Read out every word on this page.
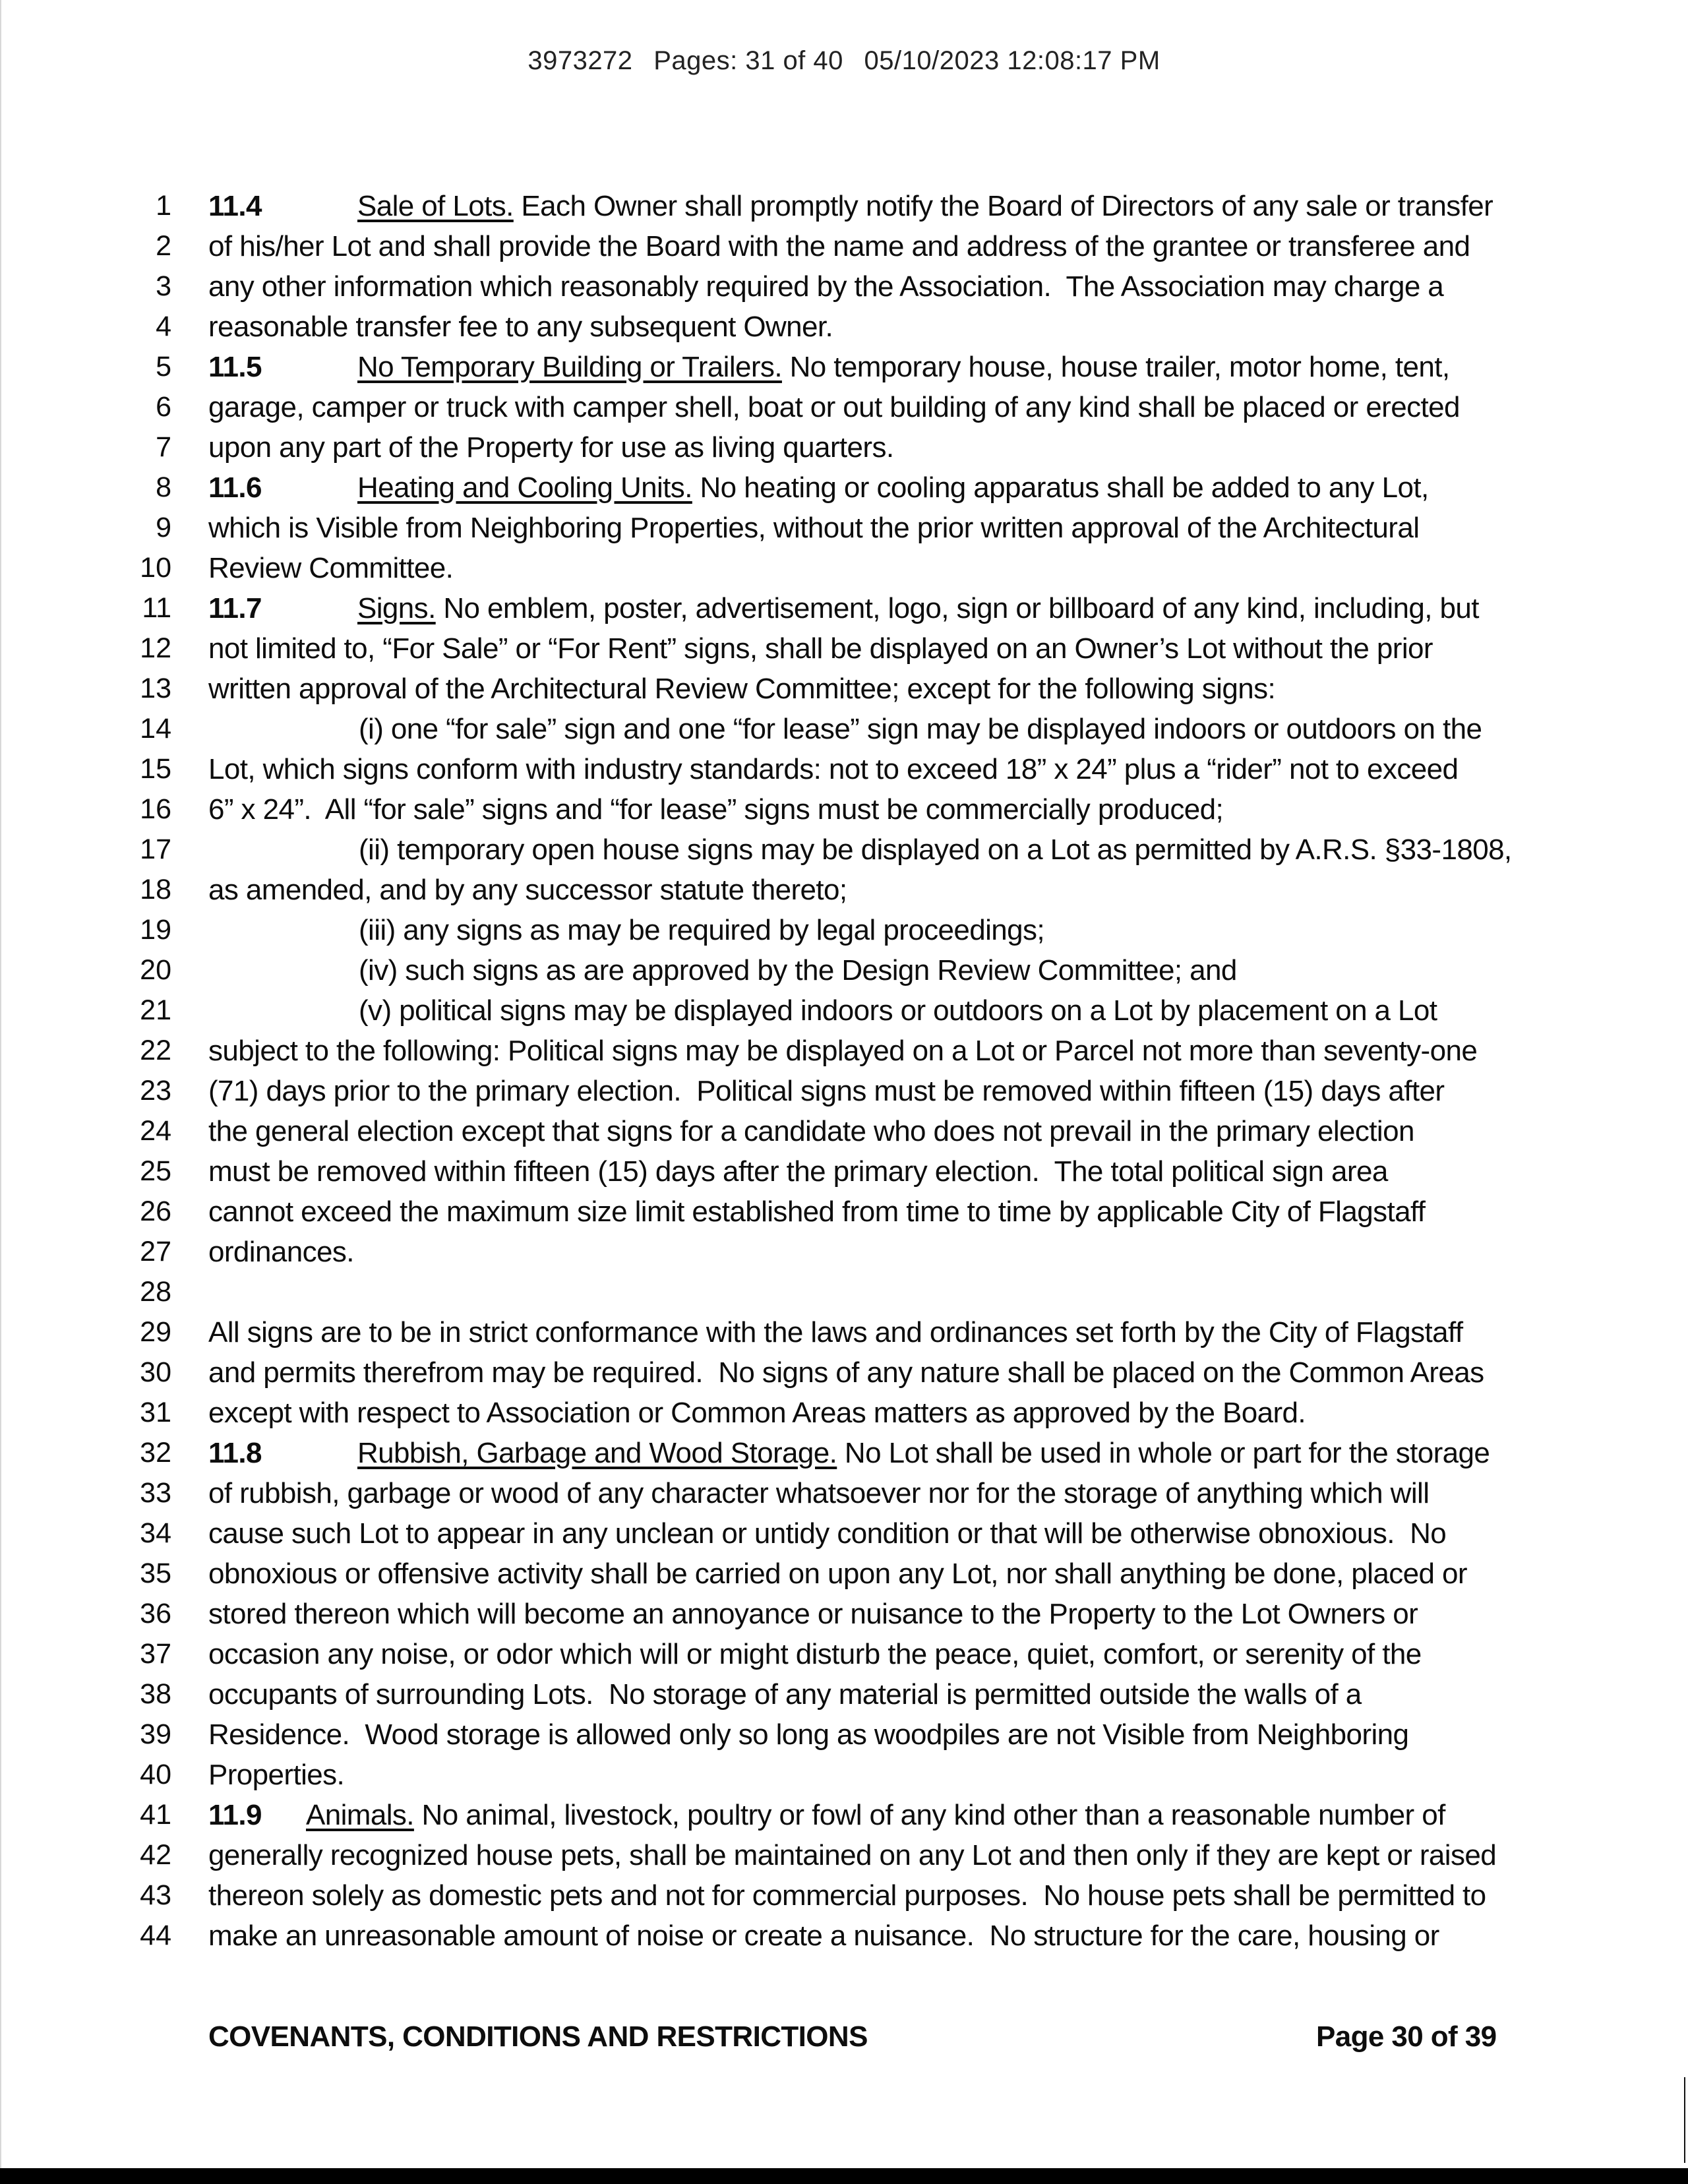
3973272 Pages: 31 of 40 05/10/2023 12:08:17 PM
1 11.4	Sale of Lots. Each Owner shall promptly notify the Board of Directors of any sale or transfer
2 of his/her Lot and shall provide the Board with the name and address of the grantee or transferee and
3 any other information which reasonably required by the Association.  The Association may charge a
4 reasonable transfer fee to any subsequent Owner.
5 11.5	No Temporary Building or Trailers. No temporary house, house trailer, motor home, tent,
6 garage, camper or truck with camper shell, boat or out building of any kind shall be placed or erected
7 upon any part of the Property for use as living quarters.
8 11.6	Heating and Cooling Units. No heating or cooling apparatus shall be added to any Lot,
9 which is Visible from Neighboring Properties, without the prior written approval of the Architectural
10 Review Committee.
11 11.7	Signs. No emblem, poster, advertisement, logo, sign or billboard of any kind, including, but
12 not limited to, “For Sale” or “For Rent” signs, shall be displayed on an Owner’s Lot without the prior
13 written approval of the Architectural Review Committee; except for the following signs:
14	(i) one “for sale” sign and one “for lease” sign may be displayed indoors or outdoors on the
15 Lot, which signs conform with industry standards: not to exceed 18” x 24” plus a “rider” not to exceed
16 6” x 24”.  All “for sale” signs and “for lease” signs must be commercially produced;
17	(ii) temporary open house signs may be displayed on a Lot as permitted by A.R.S. §33-1808,
18 as amended, and by any successor statute thereto;
19	(iii) any signs as may be required by legal proceedings;
20	(iv) such signs as are approved by the Design Review Committee; and
21	(v) political signs may be displayed indoors or outdoors on a Lot by placement on a Lot
22 subject to the following: Political signs may be displayed on a Lot or Parcel not more than seventy-one
23 (71) days prior to the primary election.  Political signs must be removed within fifteen (15) days after
24 the general election except that signs for a candidate who does not prevail in the primary election
25 must be removed within fifteen (15) days after the primary election.  The total political sign area
26 cannot exceed the maximum size limit established from time to time by applicable City of Flagstaff
27 ordinances.
28
29 All signs are to be in strict conformance with the laws and ordinances set forth by the City of Flagstaff
30 and permits therefrom may be required.  No signs of any nature shall be placed on the Common Areas
31 except with respect to Association or Common Areas matters as approved by the Board.
32 11.8	Rubbish, Garbage and Wood Storage. No Lot shall be used in whole or part for the storage
33 of rubbish, garbage or wood of any character whatsoever nor for the storage of anything which will
34 cause such Lot to appear in any unclean or untidy condition or that will be otherwise obnoxious.  No
35 obnoxious or offensive activity shall be carried on upon any Lot, nor shall anything be done, placed or
36 stored thereon which will become an annoyance or nuisance to the Property to the Lot Owners or
37 occasion any noise, or odor which will or might disturb the peace, quiet, comfort, or serenity of the
38 occupants of surrounding Lots.  No storage of any material is permitted outside the walls of a
39 Residence.  Wood storage is allowed only so long as woodpiles are not Visible from Neighboring
40 Properties.
41 11.9 Animals. No animal, livestock, poultry or fowl of any kind other than a reasonable number of
42 generally recognized house pets, shall be maintained on any Lot and then only if they are kept or raised
43 thereon solely as domestic pets and not for commercial purposes.  No house pets shall be permitted to
44 make an unreasonable amount of noise or create a nuisance.  No structure for the care, housing or
COVENANTS, CONDITIONS AND RESTRICTIONS	Page 30 of 39
